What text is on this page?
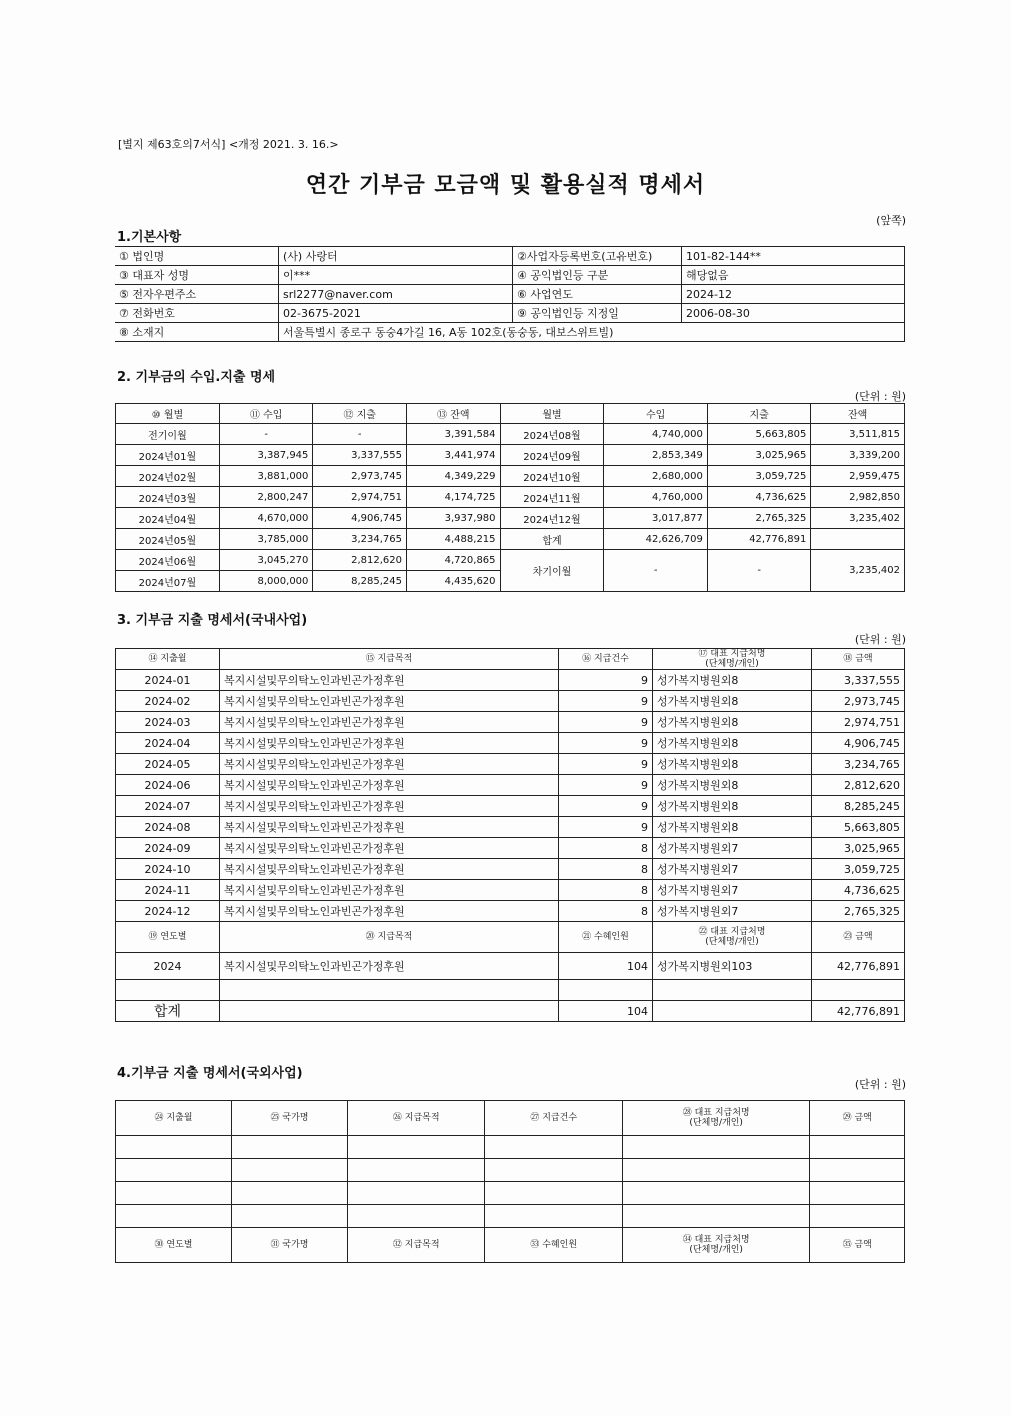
[별지 제63호의7서식] <개정 2021. 3. 16.>
연간 기부금 모금액 및 활용실적 명세서
(앞쪽)
1.기본사항
① 법인명	(사) 사랑터	②사업자등록번호(고유번호)	101-82-144**
③ 대표자 성명	이***	④ 공익법인등 구분	해당없음
⑤ 전자우편주소	srl2277@naver.com	⑥ 사업연도	2024-12
⑦ 전화번호	02-3675-2021	⑨ 공익법인등 지정일	2006-08-30
⑧ 소재지	서울특별시 종로구 동숭4가길 16, A동 102호(동숭동, 대보스위트빌)		
2. 기부금의 수입.지출 명세
(단위 : 원)
⑩ 월별	⑪ 수입	⑫ 지출	⑬ 잔액	월별	수입	지출	잔액
전기이월	-	-	3,391,584	2024년08월	4,740,000	5,663,805	3,511,815
2024년01월	3,387,945	3,337,555	3,441,974	2024년09월	2,853,349	3,025,965	3,339,200
2024년02월	3,881,000	2,973,745	4,349,229	2024년10월	2,680,000	3,059,725	2,959,475
2024년03월	2,800,247	2,974,751	4,174,725	2024년11월	4,760,000	4,736,625	2,982,850
2024년04월	4,670,000	4,906,745	3,937,980	2024년12월	3,017,877	2,765,325	3,235,402
2024년05월	3,785,000	3,234,765	4,488,215	합계	42,626,709	42,776,891	
2024년06월	3,045,270	2,812,620	4,720,865	차기이월	-	-	3,235,402
2024년07월	8,000,000	8,285,245	4,435,620				
3. 기부금 지출 명세서(국내사업)
(단위 : 원)
⑭ 지출월	⑮ 지급목적	⑯ 지급건수	⑰ 대표 지급처명
(단체명/개인)	⑱ 금액
2024-01	복지시설및무의탁노인과빈곤가정후원	9	성가복지병원외8	3,337,555
2024-02	복지시설및무의탁노인과빈곤가정후원	9	성가복지병원외8	2,973,745
2024-03	복지시설및무의탁노인과빈곤가정후원	9	성가복지병원외8	2,974,751
2024-04	복지시설및무의탁노인과빈곤가정후원	9	성가복지병원외8	4,906,745
2024-05	복지시설및무의탁노인과빈곤가정후원	9	성가복지병원외8	3,234,765
2024-06	복지시설및무의탁노인과빈곤가정후원	9	성가복지병원외8	2,812,620
2024-07	복지시설및무의탁노인과빈곤가정후원	9	성가복지병원외8	8,285,245
2024-08	복지시설및무의탁노인과빈곤가정후원	9	성가복지병원외8	5,663,805
2024-09	복지시설및무의탁노인과빈곤가정후원	8	성가복지병원외7	3,025,965
2024-10	복지시설및무의탁노인과빈곤가정후원	8	성가복지병원외7	3,059,725
2024-11	복지시설및무의탁노인과빈곤가정후원	8	성가복지병원외7	4,736,625
2024-12	복지시설및무의탁노인과빈곤가정후원	8	성가복지병원외7	2,765,325
⑲ 연도별	⑳ 지급목적	㉑ 수혜인원	㉒ 대표 지급처명
(단체명/개인)	㉓ 금액
2024	복지시설및무의탁노인과빈곤가정후원	104	성가복지병원외103	42,776,891

합계		104		42,776,891
4.기부금 지출 명세서(국외사업)
(단위 : 원)
㉔ 지출월	㉕ 국가명	㉖ 지급목적	㉗ 지급건수	㉘ 대표 지급처명
(단체명/개인)	㉙ 금액

㉚ 연도별	㉛ 국가명	㉜ 지급목적	㉝ 수혜인원	㉞ 대표 지급처명
(단체명/개인)	㉟ 금액
